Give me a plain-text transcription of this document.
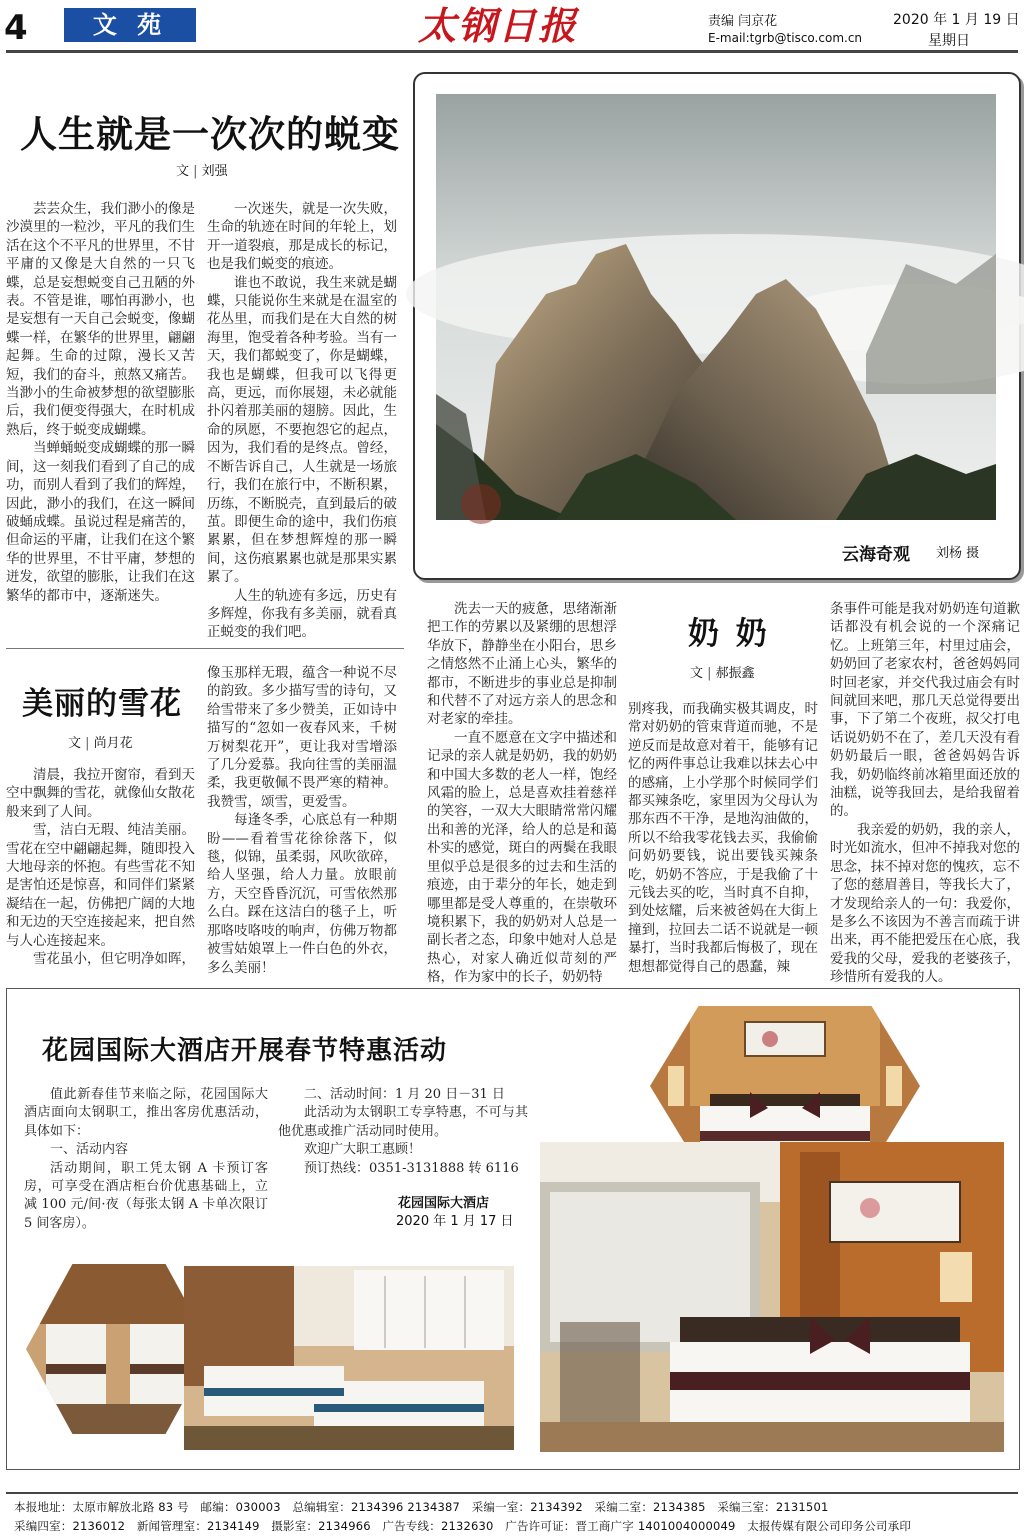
4	文 苑	太钢日报	责编 闫京花
E-mail:tgrb@tisco.com.cn
2020 年 1 月 19 日
星期日
人生就是一次次的蜕变
文 | 刘强

芸芸众生，我们渺小的像是沙漠里的一粒沙，平凡的我们生活在这个不平凡的世界里，不甘平庸的又像是大自然的一只飞蝶，总是妄想蜕变自己丑陋的外表。不管是谁，哪怕再渺小，也是妄想有一天自己会蜕变，像蝴蝶一样，在繁华的世界里，翩翩起舞。生命的过隙，漫长又苦短，我们的奋斗，煎熬又痛苦。当渺小的生命被梦想的欲望膨胀后，我们便变得强大，在时机成熟后，终于蜕变成蝴蝶。

当蝉蛹蜕变成蝴蝶的那一瞬间，这一刻我们看到了自己的成功，而别人看到了我们的辉煌，因此，渺小的我们，在这一瞬间破蛹成蝶。虽说过程是痛苦的，但命运的平庸，让我们在这个繁华的世界里，不甘平庸，梦想的迸发，欲望的膨胀，让我们在这繁华的都市中，逐渐迷失。

一次迷失，就是一次失败，生命的轨迹在时间的年轮上，划开一道裂痕，那是成长的标记，也是我们蜕变的痕迹。

谁也不敢说，我生来就是蝴蝶，只能说你生来就是在温室的花丛里，而我们是在大自然的树海里，饱受着各种考验。当有一天，我们都蜕变了，你是蝴蝶，我也是蝴蝶，但我可以飞得更高，更远，而你展翅，未必就能扑闪着那美丽的翅膀。因此，生命的夙愿，不要抱怨它的起点，因为，我们看的是终点。曾经，不断告诉自己，人生就是一场旅行，我们在旅行中，不断积累，历练，不断脱壳，直到最后的破茧。即便生命的途中，我们伤痕累累，但在梦想辉煌的那一瞬间，这伤痕累累也就是那果实累累了。

人生的轨迹有多远，历史有多辉煌，你我有多美丽，就看真正蜕变的我们吧。

云海奇观 刘杨 摄
美丽的雪花
文 | 尚月花

清晨，我拉开窗帘，看到天空中飘舞的雪花，就像仙女散花般来到了人间。

雪，洁白无瑕、纯洁美丽。雪花在空中翩翩起舞，随即投入大地母亲的怀抱。有些雪花不知是害怕还是惊喜，和同伴们紧紧凝结在一起，仿佛把广阔的大地和无边的天空连接起来，把自然与人心连接起来。

雪花虽小，但它明净如晖，

像玉那样无瑕，蕴含一种说不尽的韵致。多少描写雪的诗句，又给雪带来了多少赞美，正如诗中描写的“忽如一夜春风来，千树万树梨花开”，更让我对雪增添了几分爱慕。我向往雪的美丽温柔，我更敬佩不畏严寒的精神。我赞雪，颂雪，更爱雪。

每逢冬季，心底总有一种期盼——看着雪花徐徐落下，似毯，似锦，虽柔弱，风吹欲碎，给人坚强，给人力量。放眼前方，天空昏昏沉沉，可雪依然那么白。踩在这洁白的毯子上，听那咯吱咯吱的响声，仿佛万物都被雪姑娘罩上一件白色的外衣，多么美丽！

洗去一天的疲惫，思绪渐渐把工作的劳累以及紧绷的思想浮华放下，静静坐在小阳台，思乡之情悠然不止涌上心头，繁华的都市，不断进步的事业总是抑制和代替不了对远方亲人的思念和对老家的牵挂。

一直不愿意在文字中描述和记录的亲人就是奶奶，我的奶奶和中国大多数的老人一样，饱经风霜的脸上，总是喜欢挂着慈祥的笑容，一双大大眼睛常常闪耀出和善的光泽，给人的总是和蔼朴实的感觉，斑白的两鬓在我眼里似乎总是很多的过去和生活的痕迹，由于辈分的年长，她走到哪里都是受人尊重的，在崇敬环境积累下，我的奶奶对人总是一副长者之态，印象中她对人总是热心，对家人确近似苛刻的严格，作为家中的长子，奶奶特

奶 奶
文 | 郝振鑫

别疼我，而我确实极其调皮，时常对奶奶的管束背道而驰，不是逆反而是故意对着干，能够有记忆的两件事总让我难以抹去心中的感痛，上小学那个时候同学们都买辣条吃，家里因为父母认为那东西不干净，是地沟油做的，所以不给我零花钱去买，我偷偷问奶奶要钱，说出要钱买辣条吃，奶奶不答应，于是我偷了十元钱去买的吃，当时真不自抑，到处炫耀，后来被爸妈在大街上撞到，拉回去二话不说就是一顿暴打，当时我都后悔极了，现在想想都觉得自己的愚蠢，辣

条事件可能是我对奶奶连句道歉话都没有机会说的一个深痛记忆。上班第三年，村里过庙会，奶奶回了老家农村，爸爸妈妈同时回老家，并交代我过庙会有时间就回来吧，那几天总觉得要出事，下了第二个夜班，叔父打电话说奶奶不在了，差几天没有看奶奶最后一眼，爸爸妈妈告诉我，奶奶临终前冰箱里面还放的油糕，说等我回去，是给我留着的。

我亲爱的奶奶，我的亲人，时光如流水，但冲不掉我对您的思念，抹不掉对您的愧疚，忘不了您的慈眉善目，等我长大了，才发现给亲人的一句：我爱你，是多么不该因为不善言而疏于讲出来，再不能把爱压在心底，我爱我的父母，爱我的老婆孩子，珍惜所有爱我的人。

花园国际大酒店开展春节特惠活动

值此新春佳节来临之际，花园国际大酒店面向太钢职工，推出客房优惠活动，具体如下：

一、活动内容

活动期间，职工凭太钢 A 卡预订客房，可享受在酒店柜台价优惠基础上，立减 100 元/间·夜（每张太钢 A 卡单次限订 5 间客房）。

二、活动时间：1 月 20 日－31 日

此活动为太钢职工专享特惠，不可与其他优惠或推广活动同时使用。

欢迎广大职工惠顾！

预订热线：0351-3131888 转 6116

花园国际大酒店
2020 年 1 月 17 日
本报地址：太原市解放北路 83 号　邮编：030003　总编辑室：2134396 2134387　采编一室：2134392　采编二室：2134385　采编三室：2131501
采编四室：2136012　新闻管理室：2134149　摄影室：2134966　广告专线：2132630　广告许可证：晋工商广字 1401004000049　太报传媒有限公司印务公司承印
